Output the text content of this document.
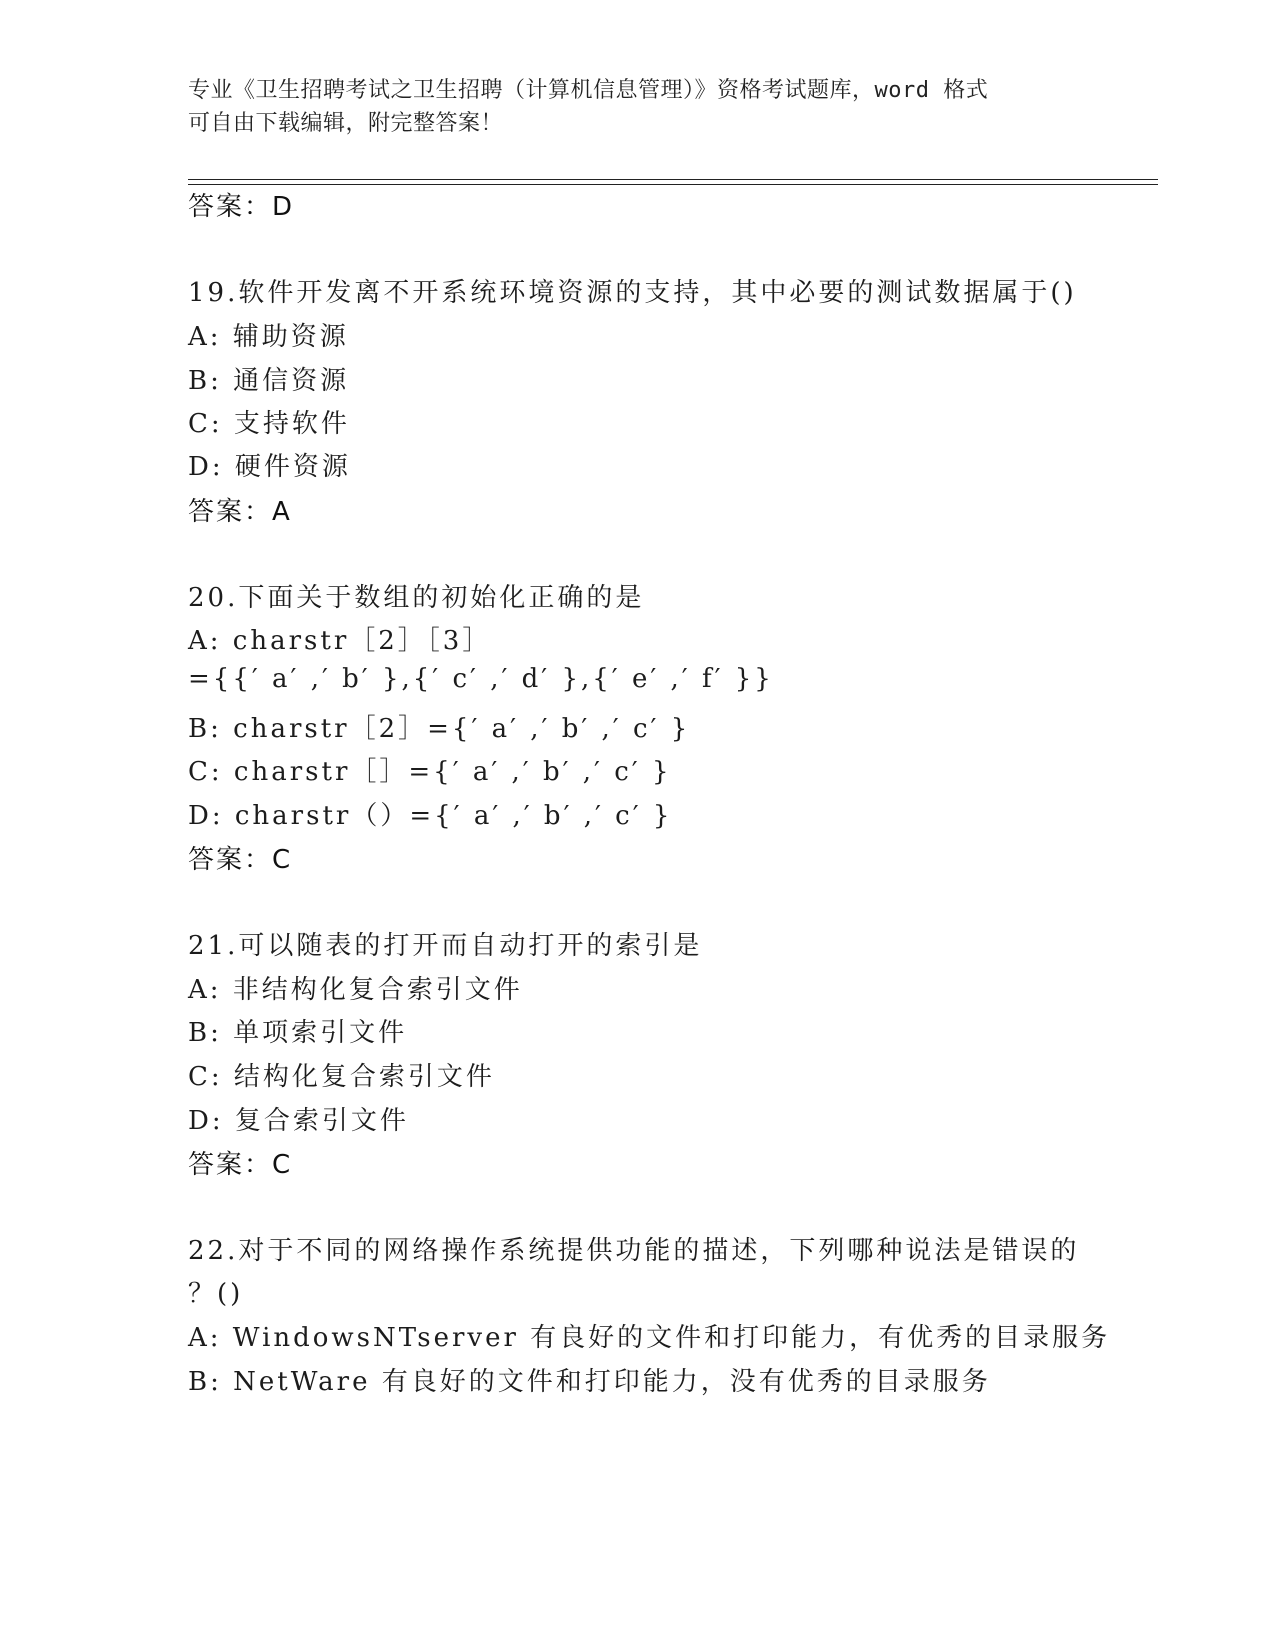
专业《卫生招聘考试之卫生招聘（计算机信息管理）》资格考试题库，word 格式
可自由下载编辑，附完整答案！
答案：D
19.软件开发离不开系统环境资源的支持，其中必要的测试数据属于()
A: 辅助资源
B: 通信资源
C: 支持软件
D: 硬件资源
答案：A
20.下面关于数组的初始化正确的是
A: charstr［2］［3］
={{′ a′ ,′ b′ },{′ c′ ,′ d′ },{′ e′ ,′ f′ }}
B: charstr［2］={′ a′ ,′ b′ ,′ c′ }
C: charstr［］={′ a′ ,′ b′ ,′ c′ }
D: charstr（）={′ a′ ,′ b′ ,′ c′ }
答案：C
21.可以随表的打开而自动打开的索引是
A: 非结构化复合索引文件
B: 单项索引文件
C: 结构化复合索引文件
D: 复合索引文件
答案：C
22.对于不同的网络操作系统提供功能的描述，下列哪种说法是错误的
？()
A: WindowsNTserver 有良好的文件和打印能力，有优秀的目录服务
B: NetWare 有良好的文件和打印能力，没有优秀的目录服务
